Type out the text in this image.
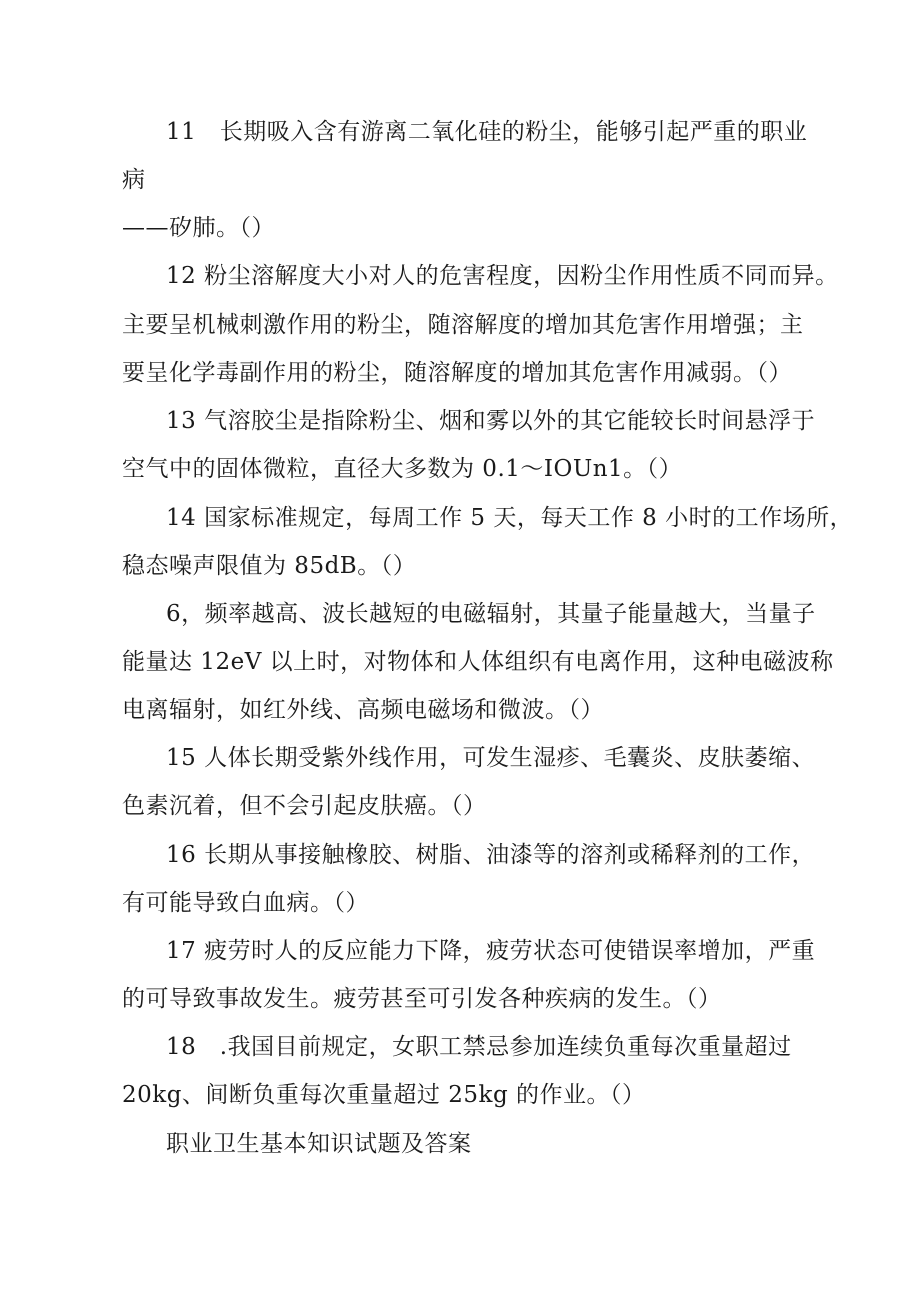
11　长期吸入含有游离二氧化硅的粉尘，能够引起严重的职业
病
——矽肺。（）
12 粉尘溶解度大小对人的危害程度，因粉尘作用性质不同而异。
主要呈机械刺激作用的粉尘，随溶解度的增加其危害作用增强；主
要呈化学毒副作用的粉尘，随溶解度的增加其危害作用减弱。（）
13 气溶胶尘是指除粉尘、烟和雾以外的其它能较长时间悬浮于
空气中的固体微粒，直径大多数为 0.1～IOUn1。（）
14 国家标准规定，每周工作 5 天，每天工作 8 小时的工作场所，
稳态噪声限值为 85dB。（）
6，频率越高、波长越短的电磁辐射，其量子能量越大，当量子
能量达 12eV 以上时，对物体和人体组织有电离作用，这种电磁波称
电离辐射，如红外线、高频电磁场和微波。（）
15 人体长期受紫外线作用，可发生湿疹、毛囊炎、皮肤萎缩、
色素沉着，但不会引起皮肤癌。（）
16 长期从事接触橡胶、树脂、油漆等的溶剂或稀释剂的工作，
有可能导致白血病。（）
17 疲劳时人的反应能力下降，疲劳状态可使错误率增加，严重
的可导致事故发生。疲劳甚至可引发各种疾病的发生。（）
18　.我国目前规定，女职工禁忌参加连续负重每次重量超过
20kg、间断负重每次重量超过 25kg 的作业。（）
职业卫生基本知识试题及答案
